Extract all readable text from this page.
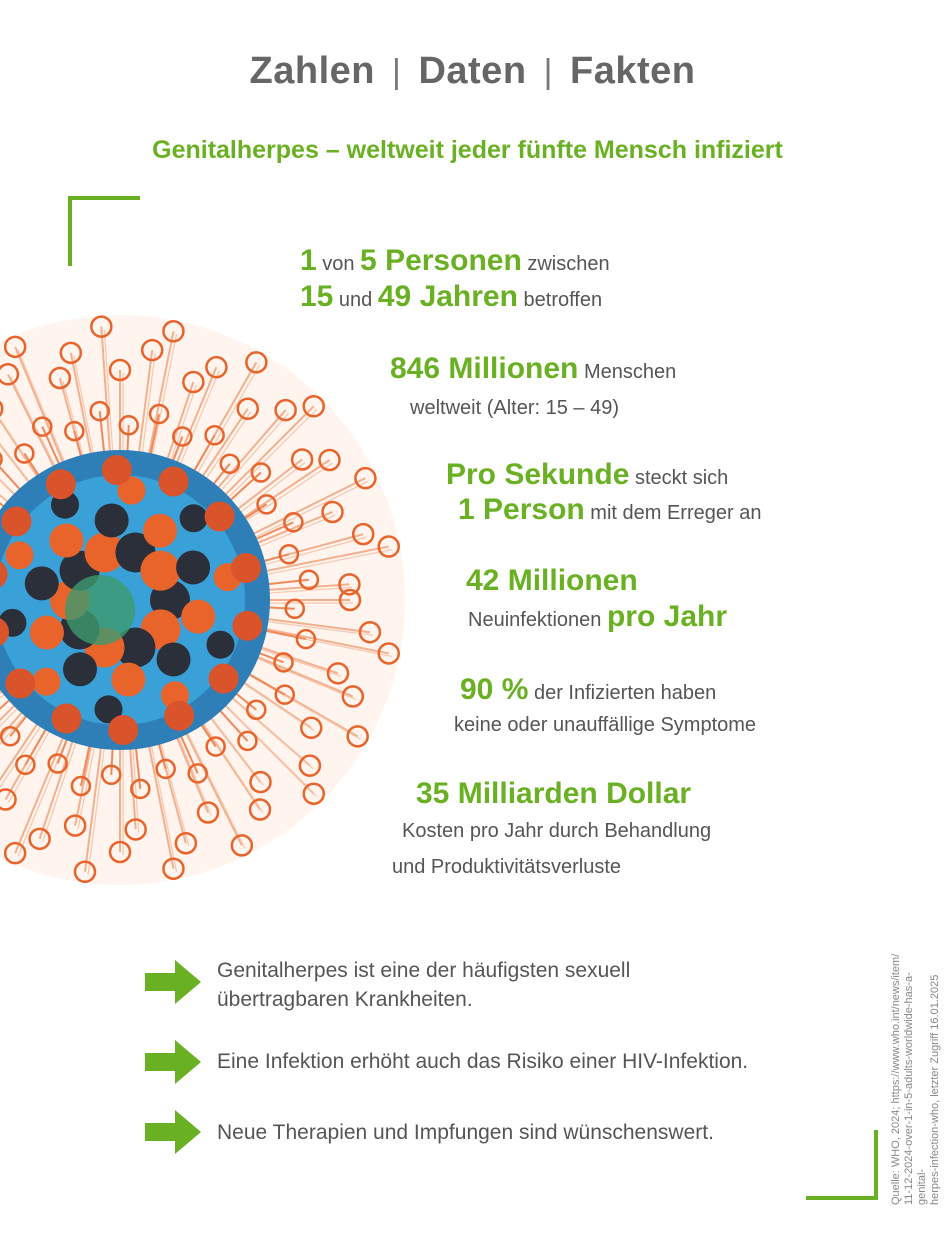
Zahlen | Daten | Fakten
Genitalherpes – weltweit jeder fünfte Mensch infiziert
1 von 5 Personen zwischen
15 und 49 Jahren betroffen
846 Millionen Menschen
weltweit (Alter: 15 – 49)
Pro Sekunde steckt sich
1 Person mit dem Erreger an
42 Millionen
Neuinfektionen pro Jahr
90 % der Infizierten haben
keine oder unauffällige Symptome
35 Milliarden Dollar
Kosten pro Jahr durch Behandlung
und Produktivitätsverluste
Genitalherpes ist eine der häufigsten sexuell
übertragbaren Krankheiten.
Eine Infektion erhöht auch das Risiko einer HIV-Infektion.
Neue Therapien und Impfungen sind wünschenswert.	Quelle: WHO, 2024; https://www.who.int/news/item/ 11-12-2024-over-1-in-5-adults-worldwide-has-a-genital- herpes-infection-who, letzter Zugriff 16.01.2025
